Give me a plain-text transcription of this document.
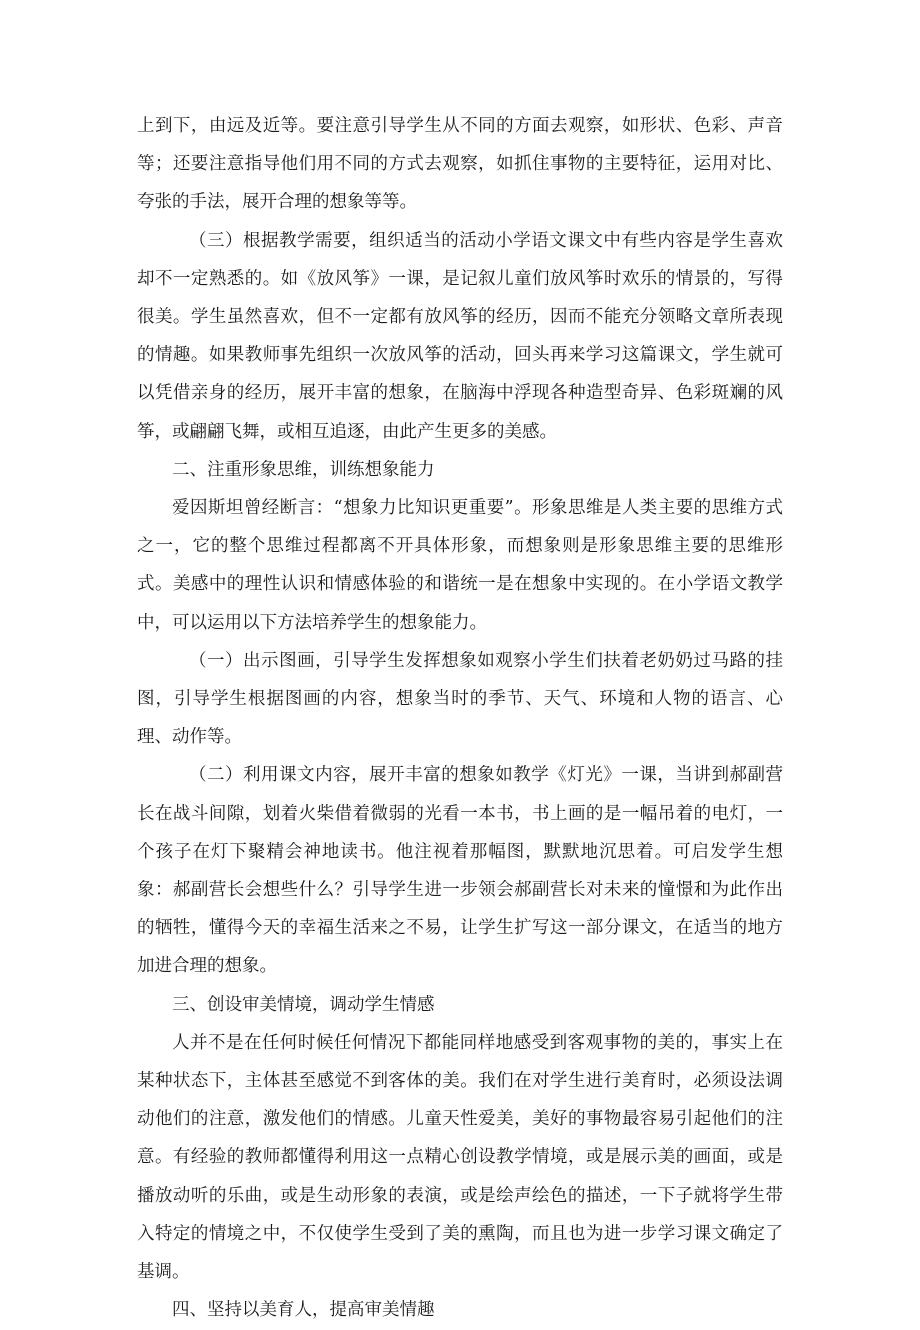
上到下，由远及近等。要注意引导学生从不同的方面去观察，如形状、色彩、声音等；还要注意指导他们用不同的方式去观察，如抓住事物的主要特征，运用对比、夸张的手法，展开合理的想象等等。

（三）根据教学需要，组织适当的活动小学语文课文中有些内容是学生喜欢却不一定熟悉的。如《放风筝》一课，是记叙儿童们放风筝时欢乐的情景的，写得很美。学生虽然喜欢，但不一定都有放风筝的经历，因而不能充分领略文章所表现的情趣。如果教师事先组织一次放风筝的活动，回头再来学习这篇课文，学生就可以凭借亲身的经历，展开丰富的想象，在脑海中浮现各种造型奇异、色彩斑斓的风筝，或翩翩飞舞，或相互追逐，由此产生更多的美感。

二、注重形象思维，训练想象能力

爱因斯坦曾经断言：“想象力比知识更重要”。形象思维是人类主要的思维方式之一，它的整个思维过程都离不开具体形象，而想象则是形象思维主要的思维形式。美感中的理性认识和情感体验的和谐统一是在想象中实现的。在小学语文教学中，可以运用以下方法培养学生的想象能力。

（一）出示图画，引导学生发挥想象如观察小学生们扶着老奶奶过马路的挂图，引导学生根据图画的内容，想象当时的季节、天气、环境和人物的语言、心理、动作等。

（二）利用课文内容，展开丰富的想象如教学《灯光》一课，当讲到郝副营长在战斗间隙，划着火柴借着微弱的光看一本书，书上画的是一幅吊着的电灯，一个孩子在灯下聚精会神地读书。他注视着那幅图，默默地沉思着。可启发学生想象：郝副营长会想些什么？引导学生进一步领会郝副营长对未来的憧憬和为此作出的牺牲，懂得今天的幸福生活来之不易，让学生扩写这一部分课文，在适当的地方加进合理的想象。

三、创设审美情境，调动学生情感

人并不是在任何时候任何情况下都能同样地感受到客观事物的美的，事实上在某种状态下，主体甚至感觉不到客体的美。我们在对学生进行美育时，必须设法调动他们的注意，激发他们的情感。儿童天性爱美，美好的事物最容易引起他们的注意。有经验的教师都懂得利用这一点精心创设教学情境，或是展示美的画面，或是播放动听的乐曲，或是生动形象的表演，或是绘声绘色的描述，一下子就将学生带入特定的情境之中，不仅使学生受到了美的熏陶，而且也为进一步学习课文确定了基调。

四、坚持以美育人，提高审美情趣
